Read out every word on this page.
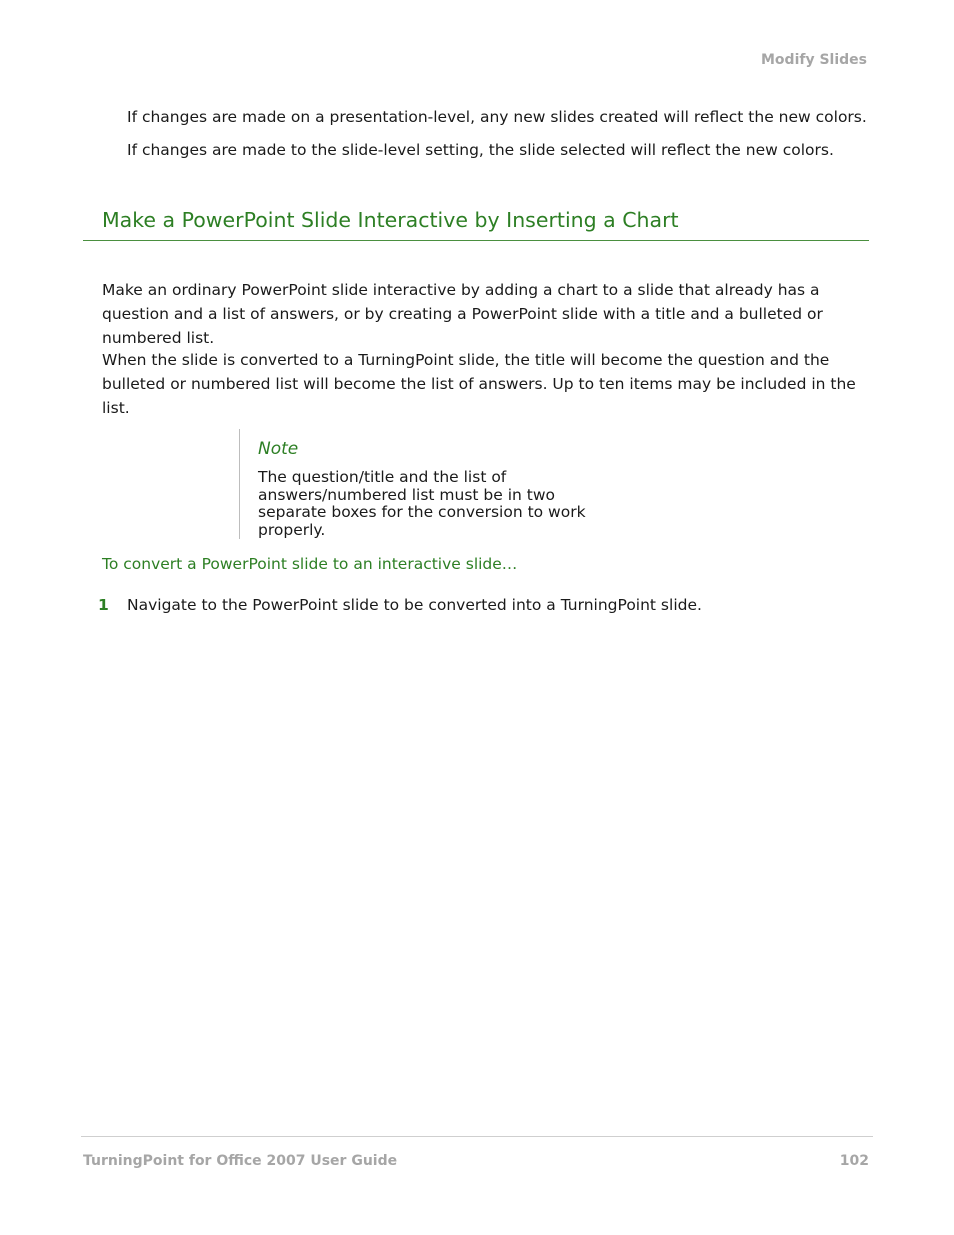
Modify Slides
If changes are made on a presentation-level, any new slides created will reflect the new colors.
If changes are made to the slide-level setting, the slide selected will reflect the new colors.
Make a PowerPoint Slide Interactive by Inserting a Chart
Make an ordinary PowerPoint slide interactive by adding a chart to a slide that already has a question and a list of answers, or by creating a PowerPoint slide with a title and a bulleted or numbered list.
When the slide is converted to a TurningPoint slide, the title will become the question and the bulleted or numbered list will become the list of answers. Up to ten items may be included in the list.
Note
The question/title and the list of answers/numbered list must be in two separate boxes for the conversion to work properly.
To convert a PowerPoint slide to an interactive slide…
1 Navigate to the PowerPoint slide to be converted into a TurningPoint slide.
TurningPoint for Office 2007 User Guide	102
